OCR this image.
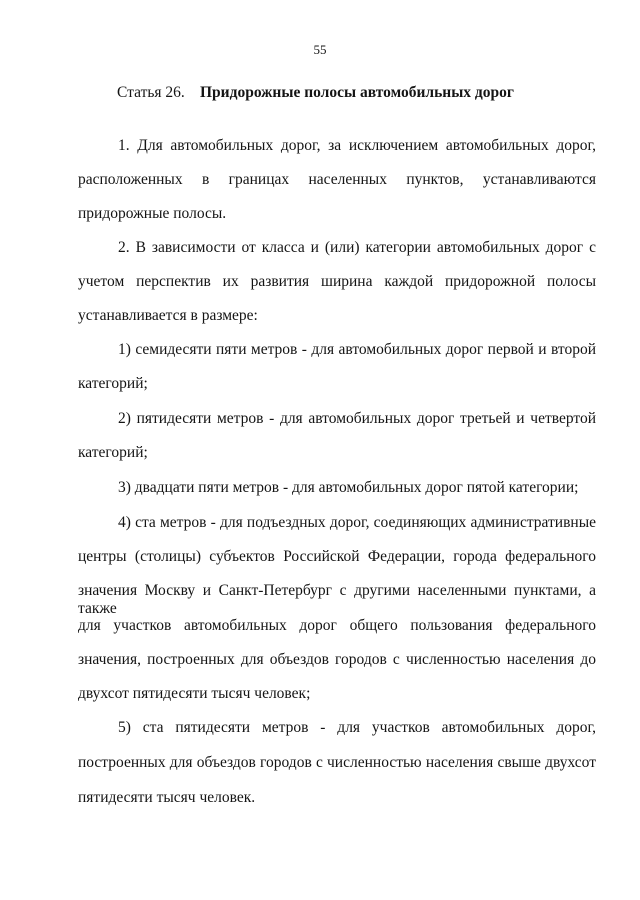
55
Статья 26. Придорожные полосы автомобильных дорог
1. Для автомобильных дорог, за исключением автомобильных дорог,
расположенных в границах населенных пунктов, устанавливаются
придорожные полосы.
2. В зависимости от класса и (или) категории автомобильных дорог с
учетом перспектив их развития ширина каждой придорожной полосы
устанавливается в размере:
1) семидесяти пяти метров - для автомобильных дорог первой и второй
категорий;
2) пятидесяти метров - для автомобильных дорог третьей и четвертой
категорий;
3) двадцати пяти метров - для автомобильных дорог пятой категории;
4) ста метров - для подъездных дорог, соединяющих административные
центры (столицы) субъектов Российской Федерации, города федерального
значения Москву и Санкт-Петербург с другими населенными пунктами, а также
для участков автомобильных дорог общего пользования федерального
значения, построенных для объездов городов с численностью населения до
двухсот пятидесяти тысяч человек;
5) ста пятидесяти метров - для участков автомобильных дорог,
построенных для объездов городов с численностью населения свыше двухсот
пятидесяти тысяч человек.
